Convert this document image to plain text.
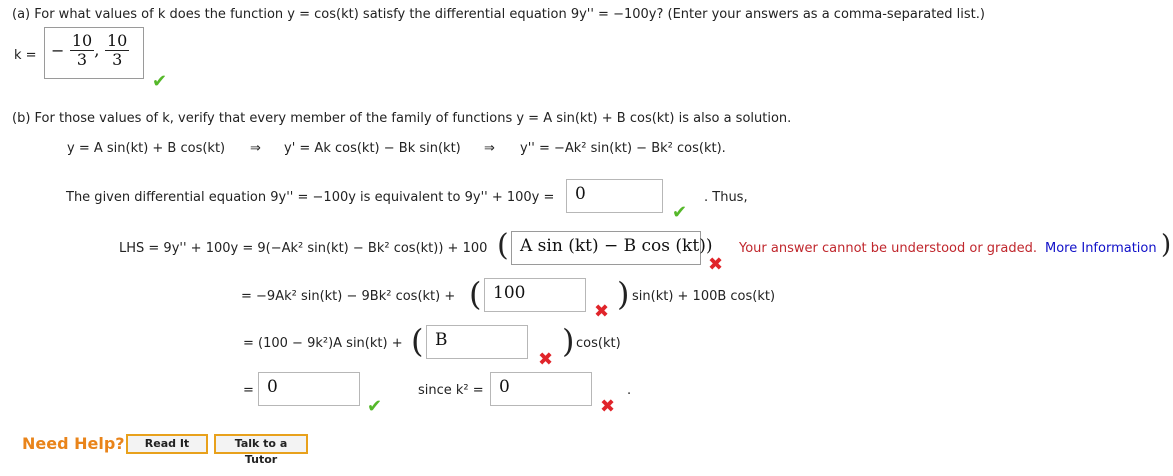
(a) For what values of k does the function y = cos(kt) satisfy the differential equation 9y'' = −100y? (Enter your answers as a comma-separated list.)
k = − $\frac{10}{3}$ , $\frac{10}{3}$
✔
(b) For those values of k, verify that every member of the family of functions y = A sin(kt) + B cos(kt) is also a solution.
y = A sin(kt) + B cos(kt) ⇒ y' = Ak cos(kt) − Bk sin(kt) ⇒ y'' = −Ak² sin(kt) − Bk² cos(kt).
The given differential equation 9y'' = −100y is equivalent to 9y'' + 100y =	0
✔
. Thus,
LHS = 9y'' + 100y = 9(−Ak² sin(kt) − Bk² cos(kt)) + 100 ( A sin (kt) − B cos (kt))
✖
Your answer cannot be understood or graded. More Information )
= −9Ak² sin(kt) − 9Bk² cos(kt) + ( 100
✖ ) sin(kt) + 100B cos(kt)
= (100 − 9k²)A sin(kt) + ( B
✖ ) cos(kt)
= 0
✔
since k² = 0
✖
.
Need Help?	Read It	Talk to a Tutor
